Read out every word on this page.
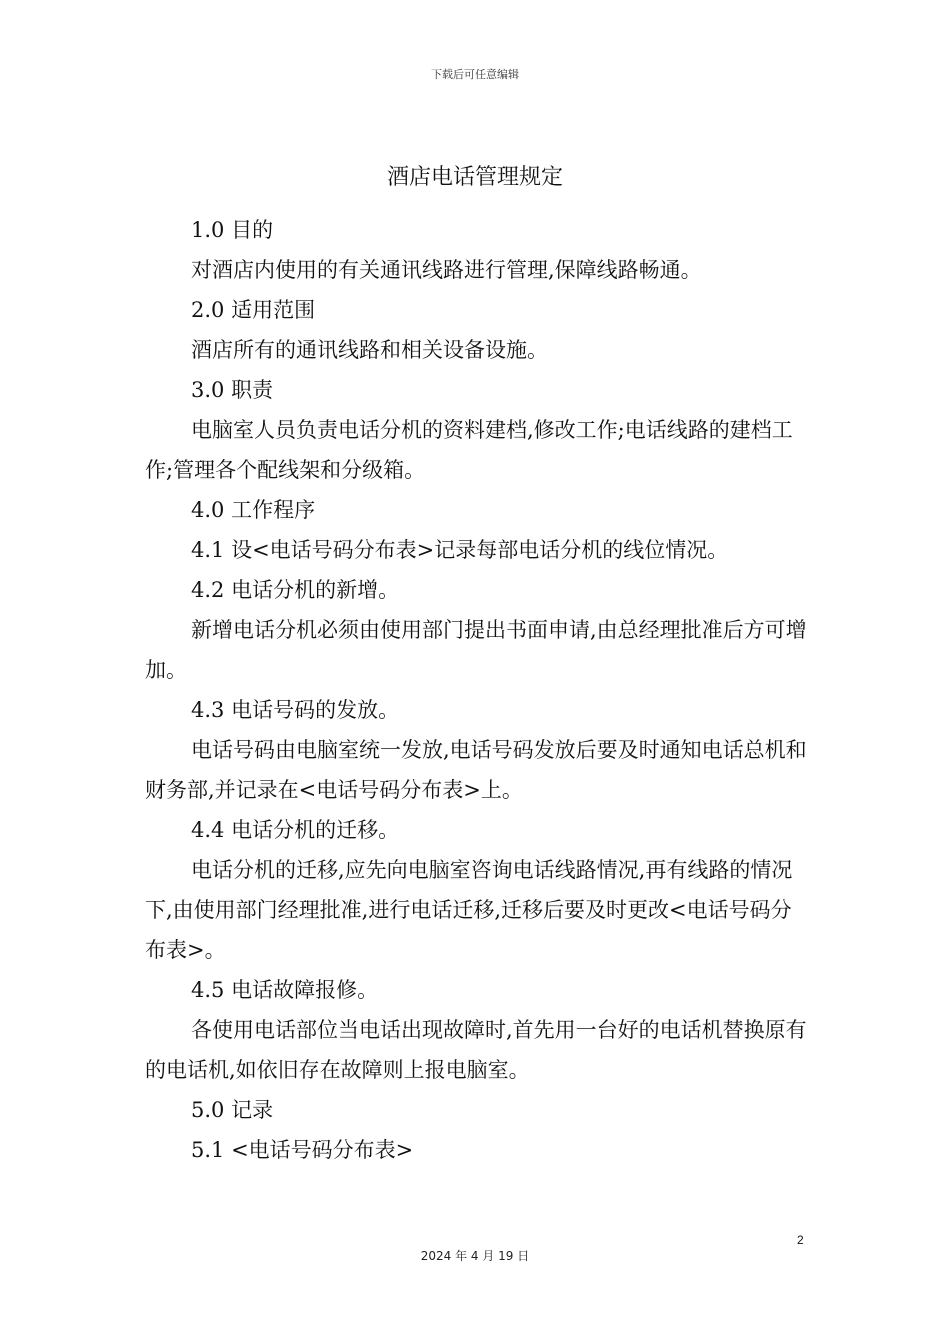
下载后可任意编辑
酒店电话管理规定

1.0 目的

对酒店内使用的有关通讯线路进行管理,保障线路畅通。

2.0 适用范围

酒店所有的通讯线路和相关设备设施。

3.0 职责

电脑室人员负责电话分机的资料建档,修改工作;电话线路的建档工作;管理各个配线架和分级箱。

4.0 工作程序

4.1 设<电话号码分布表>记录每部电话分机的线位情况。

4.2 电话分机的新增。

新增电话分机必须由使用部门提出书面申请,由总经理批准后方可增加。

4.3 电话号码的发放。

电话号码由电脑室统一发放,电话号码发放后要及时通知电话总机和财务部,并记录在<电话号码分布表>上。

4.4 电话分机的迁移。

电话分机的迁移,应先向电脑室咨询电话线路情况,再有线路的情况下,由使用部门经理批准,进行电话迁移,迁移后要及时更改<电话号码分布表>。

4.5 电话故障报修。

各使用电话部位当电话出现故障时,首先用一台好的电话机替换原有的电话机,如依旧存在故障则上报电脑室。

5.0 记录

5.1 <电话号码分布表>

2
2024 年 4 月 19 日
